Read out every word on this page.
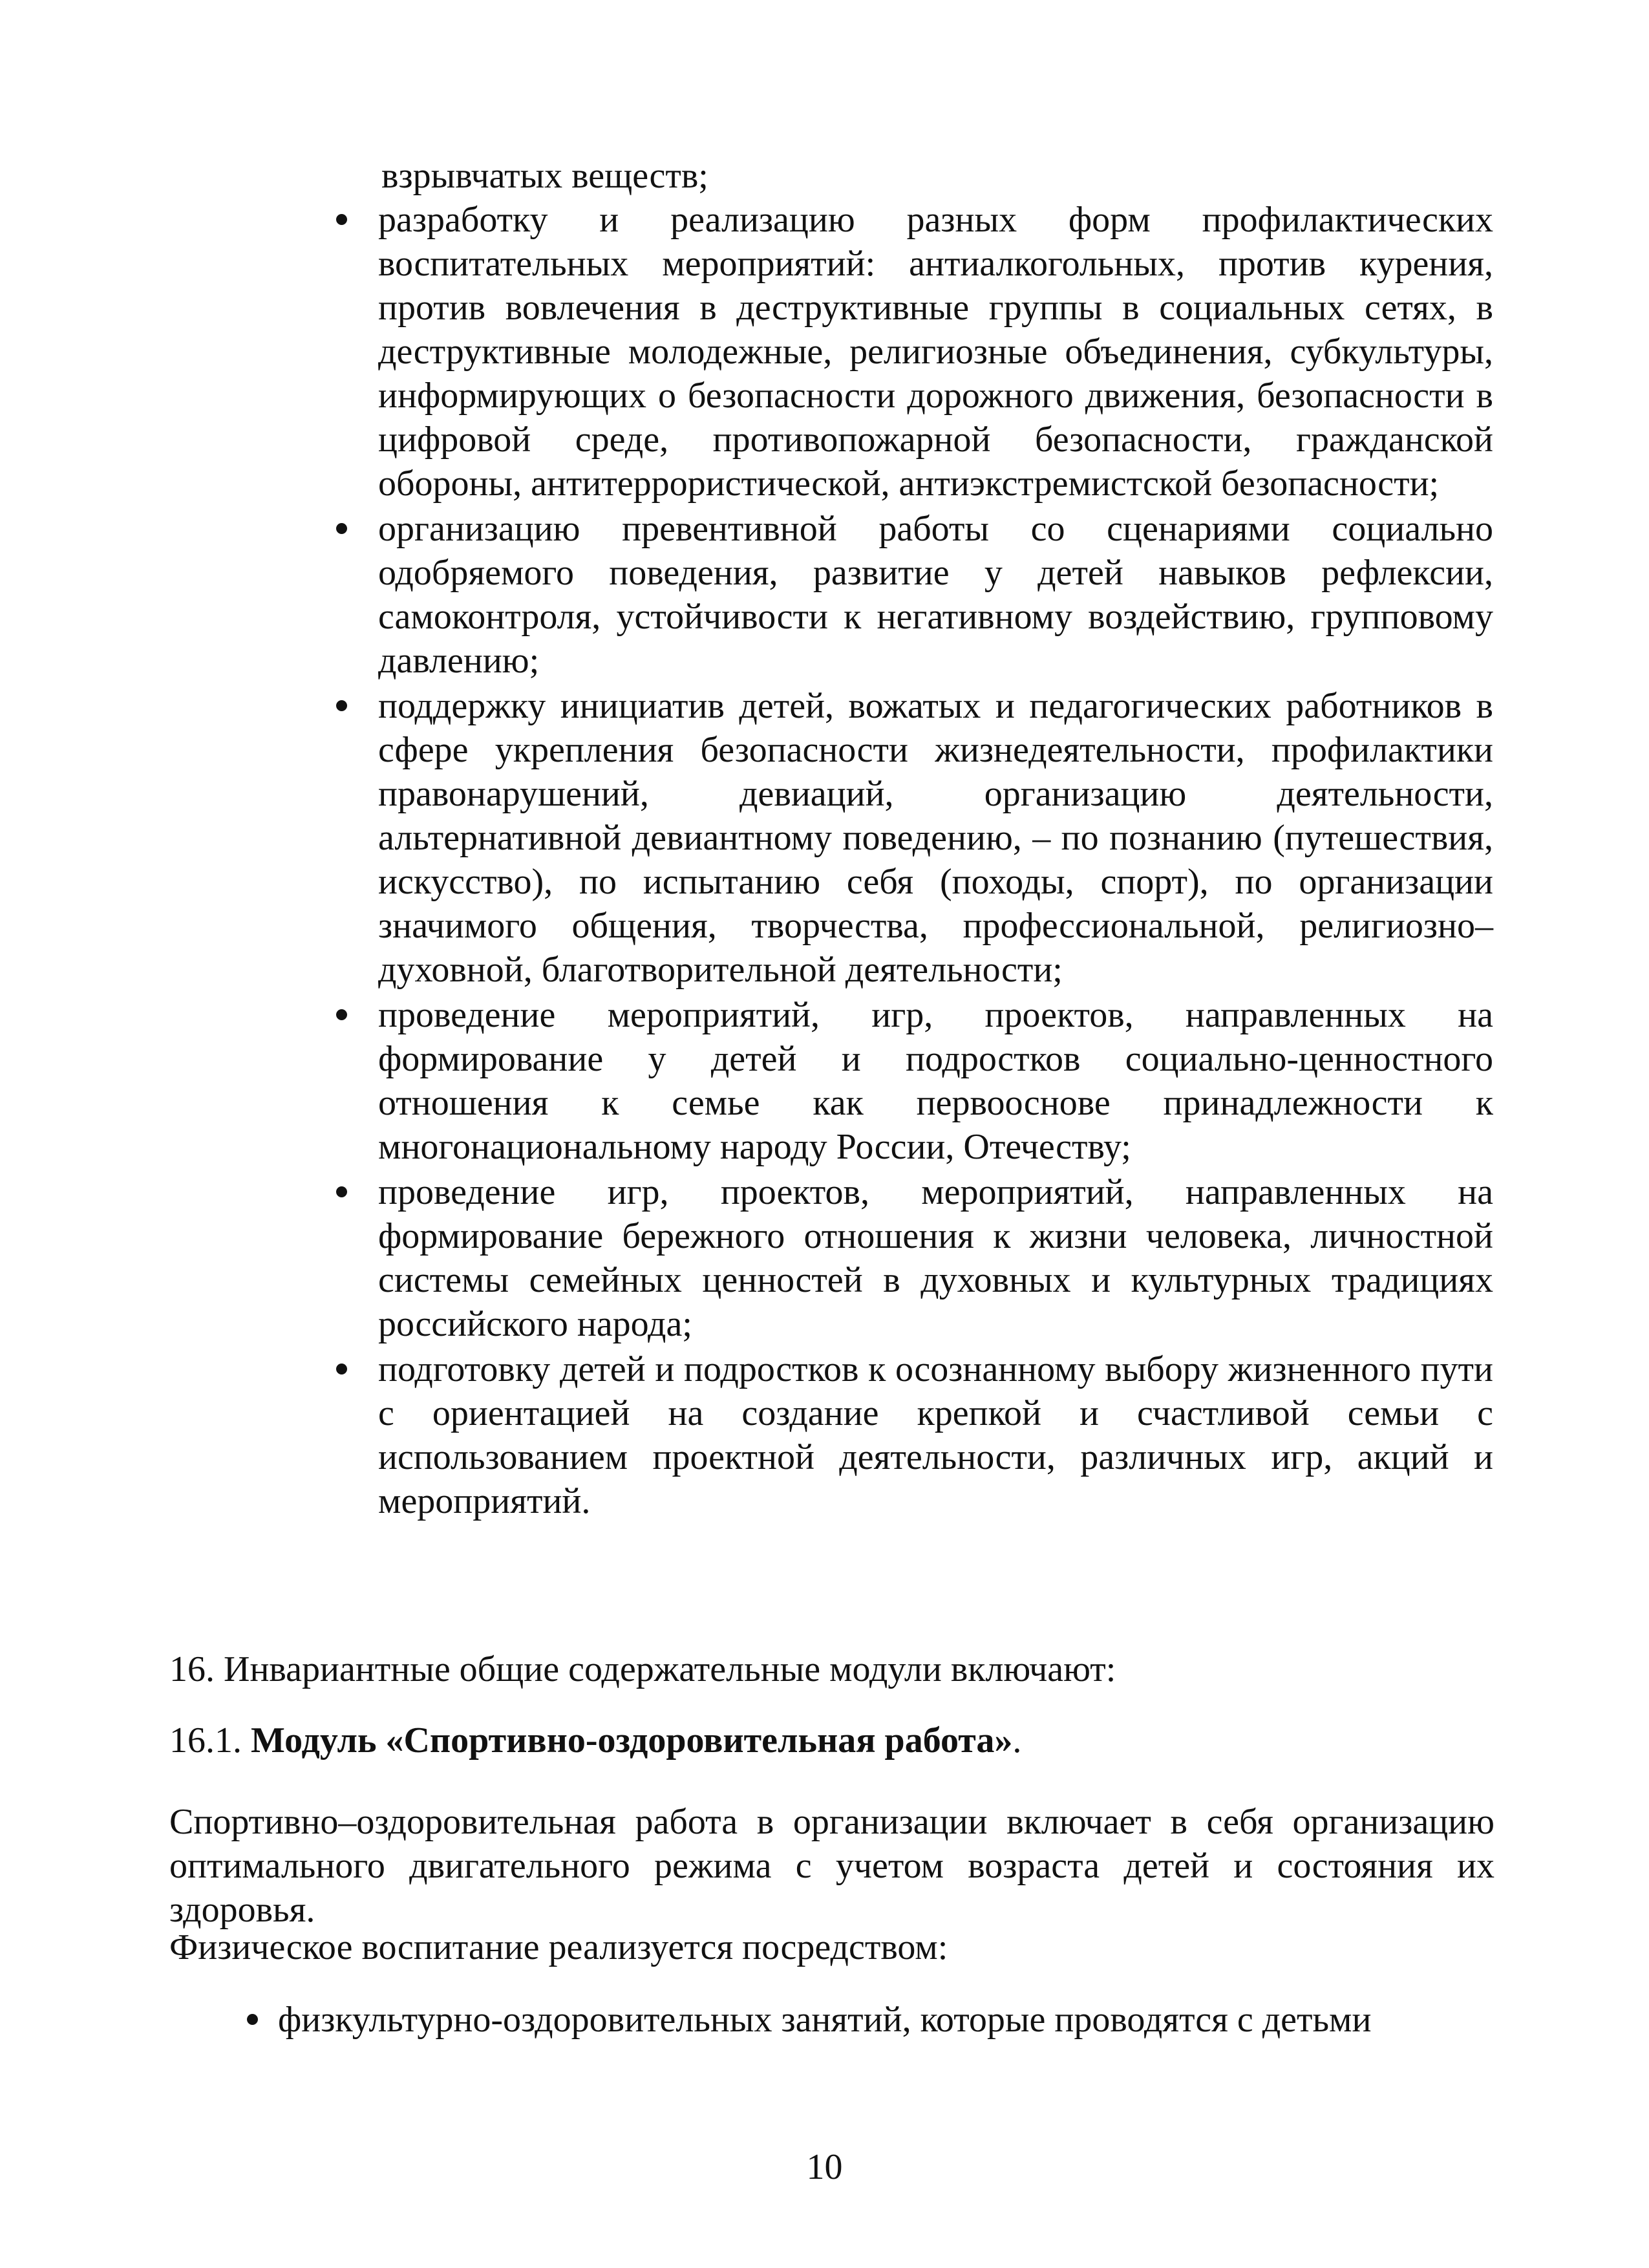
взрывчатых веществ;
разработку и реализацию разных форм профилактических воспитательных мероприятий: антиалкогольных, против курения, против вовлечения в деструктивные группы в социальных сетях, в деструктивные молодежные, религиозные объединения, субкультуры, информирующих о безопасности дорожного движения, безопасности в цифровой среде, противопожарной безопасности, гражданской обороны, антитеррористической, антиэкстремистской безопасности;
организацию превентивной работы со сценариями социально одобряемого поведения, развитие у детей навыков рефлексии, самоконтроля, устойчивости к негативному воздействию, групповому давлению;
поддержку инициатив детей, вожатых и педагогических работников в сфере укрепления безопасности жизнедеятельности, профилактики правонарушений, девиаций, организацию деятельности, альтернативной девиантному поведению, – по познанию (путешествия, искусство), по испытанию себя (походы, спорт), по организации значимого общения, творчества, профессиональной, религиозно–духовной, благотворительной деятельности;
проведение мероприятий, игр, проектов, направленных на формирование у детей и подростков социально-ценностного отношения к семье как первооснове принадлежности к многонациональному народу России, Отечеству;
проведение игр, проектов, мероприятий, направленных на формирование бережного отношения к жизни человека, личностной системы семейных ценностей в духовных и культурных традициях российского народа;
подготовку детей и подростков к осознанному выбору жизненного пути с ориентацией на создание крепкой и счастливой семьи с использованием проектной деятельности, различных игр, акций и мероприятий.

16. Инвариантные общие содержательные модули включают:

16.1. Модуль «Спортивно-оздоровительная работа».

Спортивно–оздоровительная работа в организации включает в себя организацию оптимального двигательного режима с учетом возраста детей и состояния их здоровья.

Физическое воспитание реализуется посредством:

физкультурно-оздоровительных занятий, которые проводятся с детьми
10
